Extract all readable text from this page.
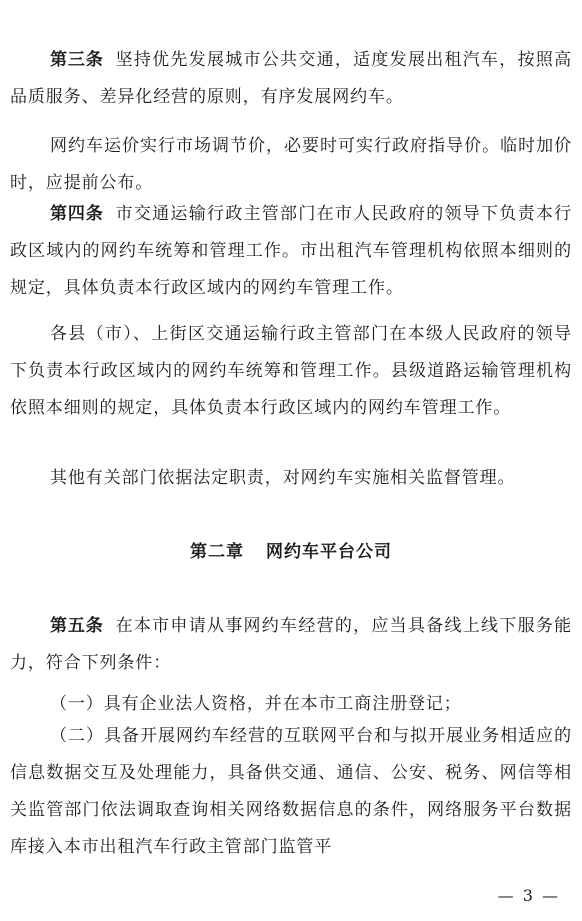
第三条 坚持优先发展城市公共交通，适度发展出租汽车，按照高品质服务、差异化经营的原则，有序发展网约车。

网约车运价实行市场调节价，必要时可实行政府指导价。临时加价时，应提前公布。

第四条 市交通运输行政主管部门在市人民政府的领导下负责本行政区域内的网约车统筹和管理工作。市出租汽车管理机构依照本细则的规定，具体负责本行政区域内的网约车管理工作。

各县（市）、上街区交通运输行政主管部门在本级人民政府的领导下负责本行政区域内的网约车统筹和管理工作。县级道路运输管理机构依照本细则的规定，具体负责本行政区域内的网约车管理工作。

其他有关部门依据法定职责，对网约车实施相关监督管理。

第二章 网约车平台公司

第五条 在本市申请从事网约车经营的，应当具备线上线下服务能力，符合下列条件：

（一）具有企业法人资格，并在本市工商注册登记；

（二）具备开展网约车经营的互联网平台和与拟开展业务相适应的信息数据交互及处理能力，具备供交通、通信、公安、税务、网信等相关监管部门依法调取查询相关网络数据信息的条件，网络服务平台数据库接入本市出租汽车行政主管部门监管平

— 3 —
